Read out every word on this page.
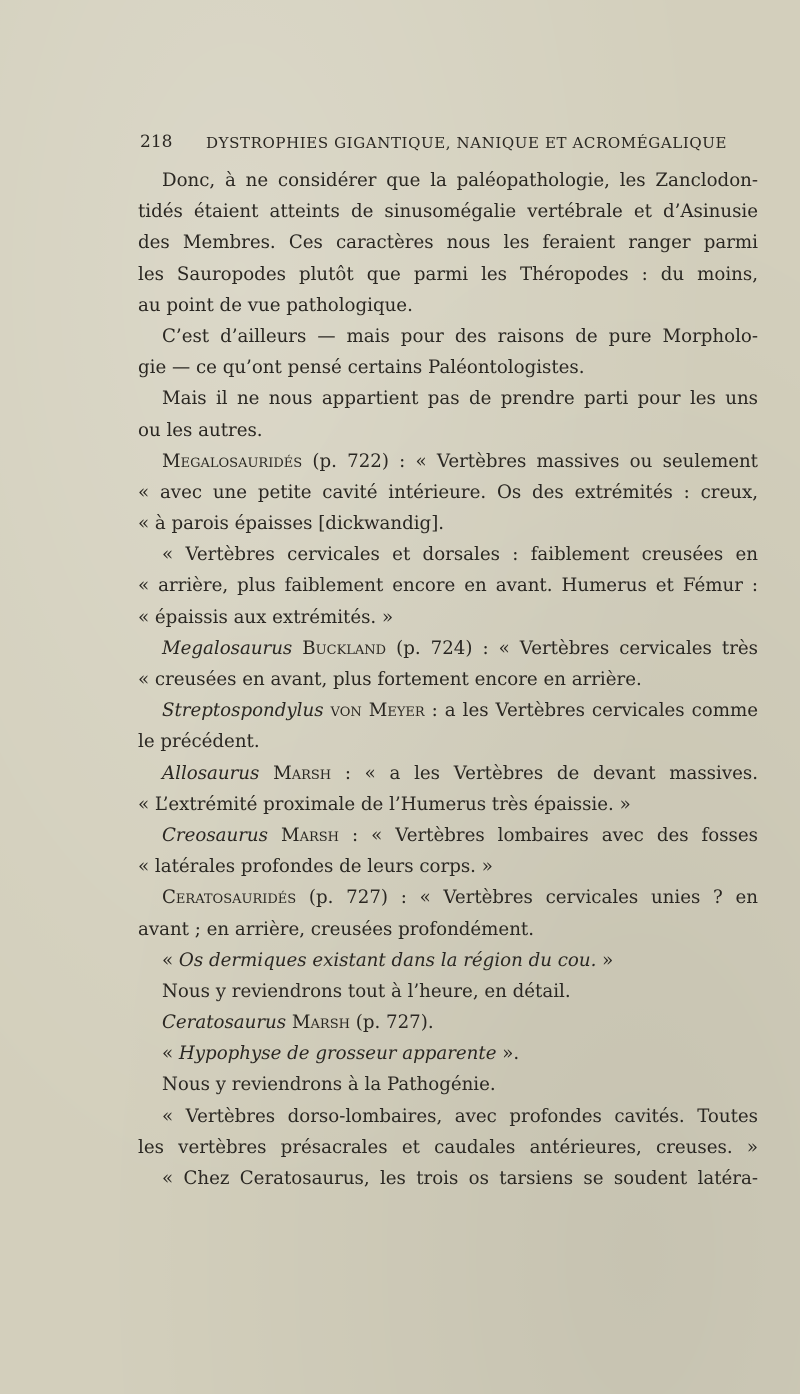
218 DYSTROPHIES GIGANTIQUE, NANIQUE ET ACROMÉGALIQUE
Donc, à ne considérer que la paléopathologie, les Zanclodon-
tidés étaient atteints de sinusomégalie vertébrale et d’Asinusie
des Membres. Ces caractères nous les feraient ranger parmi
les Sauropodes plutôt que parmi les Théropodes : du moins,
au point de vue pathologique.
C’est d’ailleurs — mais pour des raisons de pure Morpholo-
gie — ce qu’ont pensé certains Paléontologistes.
Mais il ne nous appartient pas de prendre parti pour les uns
ou les autres.
Megalosauridés (p. 722) : « Vertèbres massives ou seulement
« avec une petite cavité intérieure. Os des extrémités : creux,
« à parois épaisses [dickwandig].
« Vertèbres cervicales et dorsales : faiblement creusées en
« arrière, plus faiblement encore en avant. Humerus et Fémur :
« épaissis aux extrémités. »
Megalosaurus Buckland (p. 724) : « Vertèbres cervicales très
« creusées en avant, plus fortement encore en arrière.
Streptospondylus von Meyer : a les Vertèbres cervicales comme
le précédent.
Allosaurus Marsh : « a les Vertèbres de devant massives.
« L’extrémité proximale de l’Humerus très épaissie. »
Creosaurus Marsh : « Vertèbres lombaires avec des fosses
« latérales profondes de leurs corps. »
Ceratosauridés (p. 727) : « Vertèbres cervicales unies ? en
avant ; en arrière, creusées profondément.
« Os dermiques existant dans la région du cou. »
Nous y reviendrons tout à l’heure, en détail.
Ceratosaurus Marsh (p. 727).
« Hypophyse de grosseur apparente ».
Nous y reviendrons à la Pathogénie.
« Vertèbres dorso-lombaires, avec profondes cavités. Toutes
les vertèbres présacrales et caudales antérieures, creuses. »
« Chez Ceratosaurus, les trois os tarsiens se soudent latéra-
